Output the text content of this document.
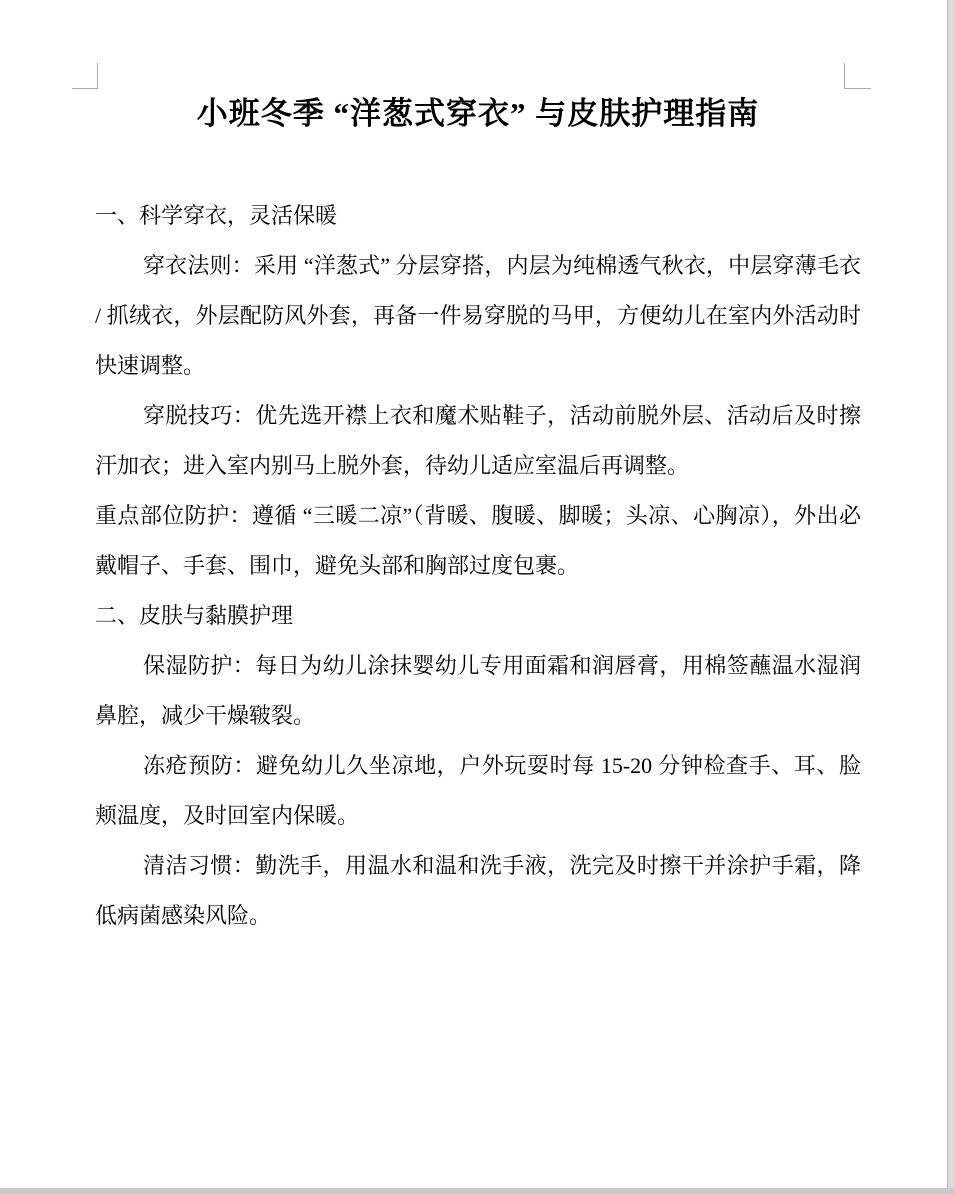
小班冬季 “洋葱式穿衣” 与皮肤护理指南

一、科学穿衣，灵活保暖

穿衣法则：采用 “洋葱式” 分层穿搭，内层为纯棉透气秋衣，中层穿薄毛衣 / 抓绒衣，外层配防风外套，再备一件易穿脱的马甲，方便幼儿在室内外活动时快速调整。

穿脱技巧：优先选开襟上衣和魔术贴鞋子，活动前脱外层、活动后及时擦汗加衣；进入室内别马上脱外套，待幼儿适应室温后再调整。

重点部位防护：遵循 “三暖二凉”（背暖、腹暖、脚暖；头凉、心胸凉），外出必戴帽子、手套、围巾，避免头部和胸部过度包裹。

二、皮肤与黏膜护理

保湿防护：每日为幼儿涂抹婴幼儿专用面霜和润唇膏，用棉签蘸温水湿润鼻腔，减少干燥皲裂。

冻疮预防：避免幼儿久坐凉地，户外玩耍时每 15-20 分钟检查手、耳、脸颊温度，及时回室内保暖。

清洁习惯：勤洗手，用温水和温和洗手液，洗完及时擦干并涂护手霜，降低病菌感染风险。
